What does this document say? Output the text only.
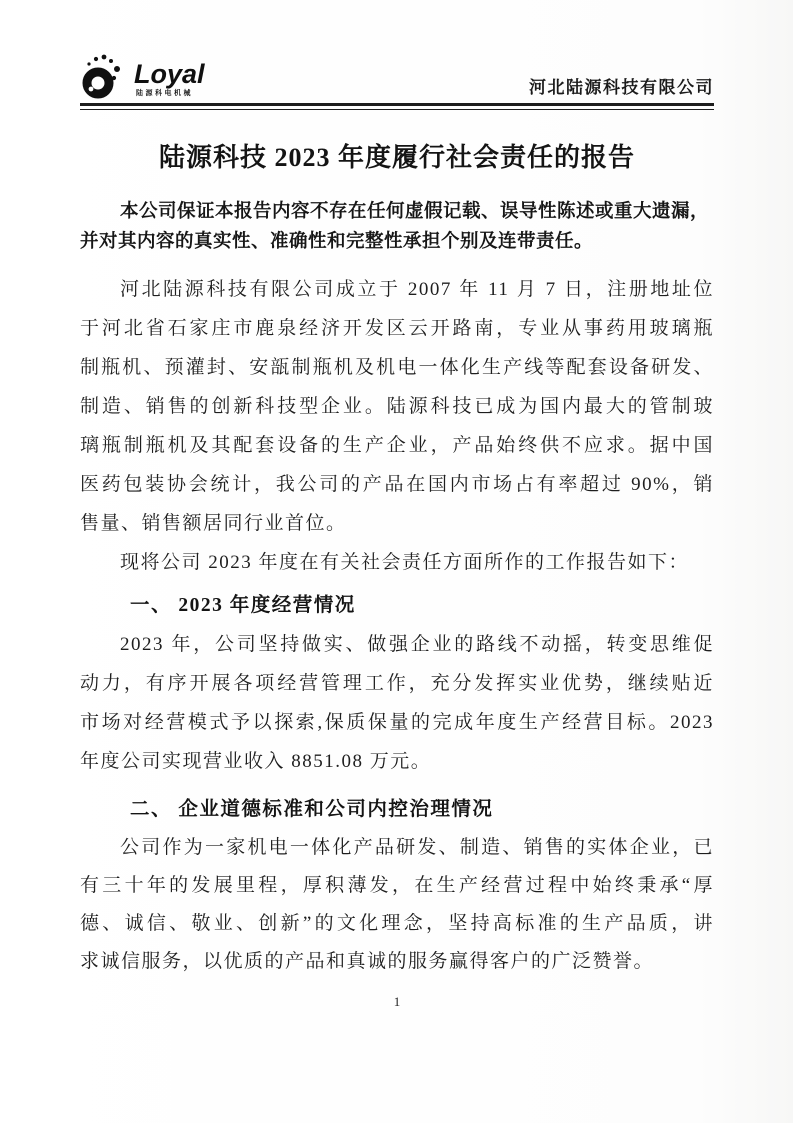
Loyal
陆源科电机械	河北陆源科技有限公司
陆源科技 2023 年度履行社会责任的报告
本公司保证本报告内容不存在任何虚假记载、误导性陈述或重大遗漏，
并对其内容的真实性、准确性和完整性承担个别及连带责任。
河北陆源科技有限公司成立于 2007 年 11 月 7 日，注册地址位
于河北省石家庄市鹿泉经济开发区云开路南，专业从事药用玻璃瓶
制瓶机、预灌封、安瓿制瓶机及机电一体化生产线等配套设备研发、
制造、销售的创新科技型企业。陆源科技已成为国内最大的管制玻
璃瓶制瓶机及其配套设备的生产企业，产品始终供不应求。据中国
医药包装协会统计，我公司的产品在国内市场占有率超过 90%，销
售量、销售额居同行业首位。
现将公司 2023 年度在有关社会责任方面所作的工作报告如下：
一、 2023 年度经营情况
2023 年，公司坚持做实、做强企业的路线不动摇，转变思维促
动力，有序开展各项经营管理工作，充分发挥实业优势，继续贴近
市场对经营模式予以探索,保质保量的完成年度生产经营目标。2023
年度公司实现营业收入 8851.08 万元。
二、 企业道德标准和公司内控治理情况
公司作为一家机电一体化产品研发、制造、销售的实体企业，已
有三十年的发展里程，厚积薄发，在生产经营过程中始终秉承“厚
德、诚信、敬业、创新”的文化理念，坚持高标准的生产品质，讲
求诚信服务，以优质的产品和真诚的服务赢得客户的广泛赞誉。
1
